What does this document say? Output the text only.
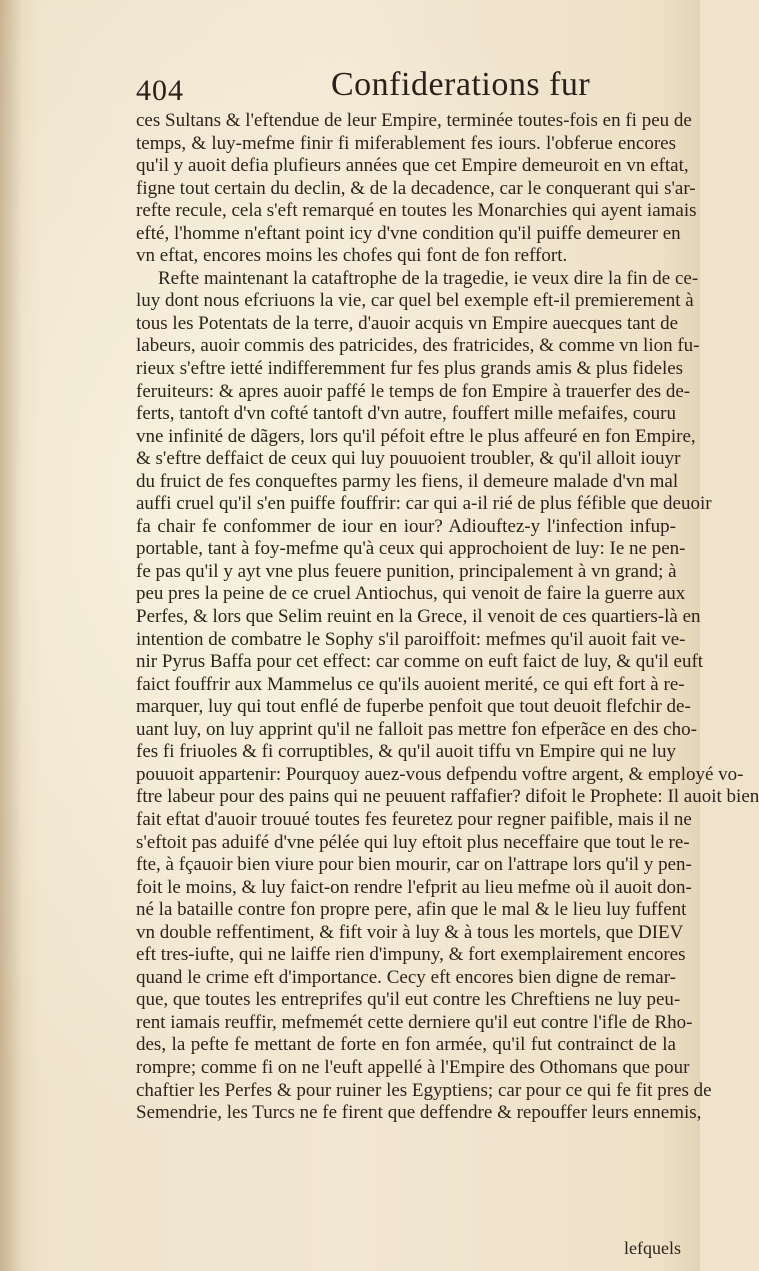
404	Confiderations fur
ces Sultans & l'eftendue de leur Empire, terminée toutes-fois en fi peu de
temps, & luy-mefme finir fi miferablement fes iours. l'obferue encores
qu'il y auoit defia plufieurs années que cet Empire demeuroit en vn eftat,
figne tout certain du declin, & de la decadence, car le conquerant qui s'ar-
refte recule, cela s'eft remarqué en toutes les Monarchies qui ayent iamais
efté, l'homme n'eftant point icy d'vne condition qu'il puiffe demeurer en
vn eftat, encores moins les chofes qui font de fon reffort.
Refte maintenant la cataftrophe de la tragedie, ie veux dire la fin de ce-
luy dont nous efcriuons la vie, car quel bel exemple eft-il premierement à
tous les Potentats de la terre, d'auoir acquis vn Empire auecques tant de
labeurs, auoir commis des patricides, des fratricides, & comme vn lion fu-
rieux s'eftre ietté indifferemment fur fes plus grands amis & plus fideles
feruiteurs: & apres auoir paffé le temps de fon Empire à trauerfer des de-
ferts, tantoft d'vn cofté tantoft d'vn autre, fouffert mille mefaifes, couru
vne infinité de dãgers, lors qu'il péfoit eftre le plus affeuré en fon Empire,
& s'eftre deffaict de ceux qui luy pouuoient troubler, & qu'il alloit iouyr
du fruict de fes conqueftes parmy les fiens, il demeure malade d'vn mal
auffi cruel qu'il s'en puiffe fouffrir: car qui a-il rié de plus féfible que deuoir
fa chair fe confommer de iour en iour? Adiouftez-y l'infection infup-
portable, tant à foy-mefme qu'à ceux qui approchoient de luy: Ie ne pen-
fe pas qu'il y ayt vne plus feuere punition, principalement à vn grand; à
peu pres la peine de ce cruel Antiochus, qui venoit de faire la guerre aux
Perfes, & lors que Selim reuint en la Grece, il venoit de ces quartiers-là en
intention de combatre le Sophy s'il paroiffoit: mefmes qu'il auoit fait ve-
nir Pyrus Baffa pour cet effect: car comme on euft faict de luy, & qu'il euft
faict fouffrir aux Mammelus ce qu'ils auoient merité, ce qui eft fort à re-
marquer, luy qui tout enflé de fuperbe penfoit que tout deuoit flefchir de-
uant luy, on luy apprint qu'il ne falloit pas mettre fon efperãce en des cho-
fes fi friuoles & fi corruptibles, & qu'il auoit tiffu vn Empire qui ne luy
pouuoit appartenir: Pourquoy auez-vous defpendu voftre argent, & employé vo-
ftre labeur pour des pains qui ne peuuent raffafier? difoit le Prophete: Il auoit bien
fait eftat d'auoir trouué toutes fes feuretez pour regner paifible, mais il ne
s'eftoit pas aduifé d'vne pélée qui luy eftoit plus neceffaire que tout le re-
fte, à fçauoir bien viure pour bien mourir, car on l'attrape lors qu'il y pen-
foit le moins, & luy faict-on rendre l'efprit au lieu mefme où il auoit don-
né la bataille contre fon propre pere, afin que le mal & le lieu luy fuffent
vn double reffentiment, & fift voir à luy & à tous les mortels, que DIEV
eft tres-iufte, qui ne laiffe rien d'impuny, & fort exemplairement encores
quand le crime eft d'importance. Cecy eft encores bien digne de remar-
que, que toutes les entreprifes qu'il eut contre les Chreftiens ne luy peu-
rent iamais reuffir, mefmemét cette derniere qu'il eut contre l'ifle de Rho-
des, la pefte fe mettant de forte en fon armée, qu'il fut contrainct de la
rompre; comme fi on ne l'euft appellé à l'Empire des Othomans que pour
chaftier les Perfes & pour ruiner les Egyptiens; car pour ce qui fe fit pres de
Semendrie, les Turcs ne fe firent que deffendre & repouffer leurs ennemis,
lefquels
